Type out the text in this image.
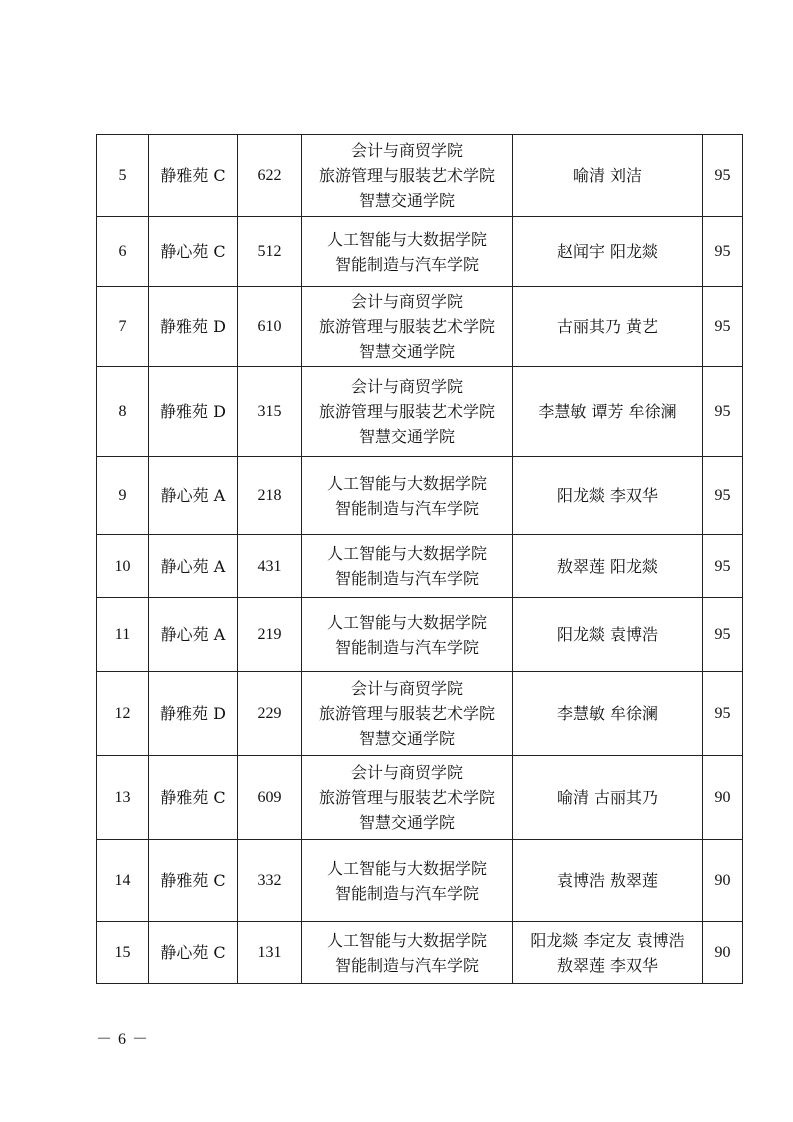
5	静雅苑 C	622	会计与商贸学院
旅游管理与服装艺术学院
智慧交通学院	喻清 刘洁	95
6	静心苑 C	512	人工智能与大数据学院
智能制造与汽车学院	赵闻宇 阳龙燚	95
7	静雅苑 D	610	会计与商贸学院
旅游管理与服装艺术学院
智慧交通学院	古丽其乃 黄艺	95
8	静雅苑 D	315	会计与商贸学院
旅游管理与服装艺术学院
智慧交通学院	李慧敏 谭芳 牟徐澜	95
9	静心苑 A	218	人工智能与大数据学院
智能制造与汽车学院	阳龙燚 李双华	95
10	静心苑 A	431	人工智能与大数据学院
智能制造与汽车学院	敖翠莲 阳龙燚	95
11	静心苑 A	219	人工智能与大数据学院
智能制造与汽车学院	阳龙燚 袁博浩	95
12	静雅苑 D	229	会计与商贸学院
旅游管理与服装艺术学院
智慧交通学院	李慧敏 牟徐澜	95
13	静雅苑 C	609	会计与商贸学院
旅游管理与服装艺术学院
智慧交通学院	喻清 古丽其乃	90
14	静雅苑 C	332	人工智能与大数据学院
智能制造与汽车学院	袁博浩 敖翠莲	90
15	静心苑 C	131	人工智能与大数据学院
智能制造与汽车学院	阳龙燚 李定友 袁博浩
敖翠莲 李双华	90
－ 6 －
